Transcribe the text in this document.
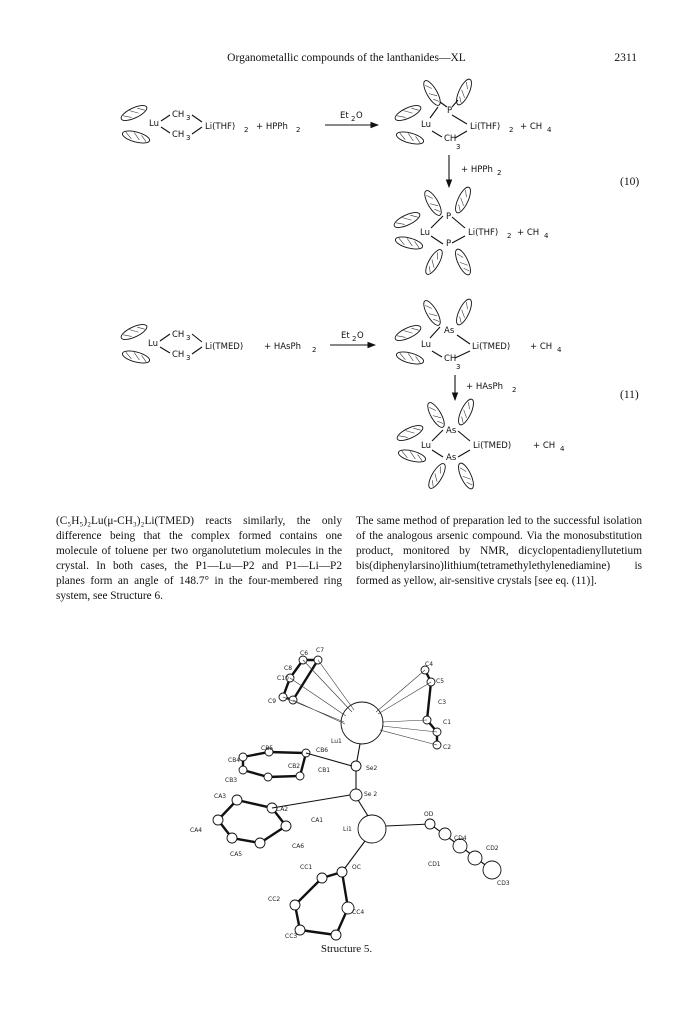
Organometallic compounds of the lanthanides—XL	2311
Lu
CH 3
CH 3
Li(THF) 2 + HPPh 2
Et 2 O	P
Lu
CH
3
Li(THF) 2 + CH 4
+ HPPh 2
(10)
P
Lu
P
Li(THF) 2 + CH 4
Lu
CH 3
CH 3
Li(TMED) + HAsPh 2
Et 2 O	As
Lu
CH
3
Li(TMED) + CH 4
+ HAsPh 2	(11)
As
Lu
As
Li(TMED)	+ CH 4
C6 C7
C8
C10
C9
C4
C5
C3
C1
C2
Lu1
CB5	CB6
CB4
CB2
CB1
CB3
Se2
CA3
CA2
Se 2
CA4
CA1
Li1
CA5
CA6
OD
CD4
CD2
CD1
CD3
CC1	OC
CC2
CC4
CC3
(C₅H₅)₂Lu(μ-CH₃)₂Li(TMED) reacts similarly, the only difference being that the complex formed contains one molecule of toluene per two organolutetium molecules in the crystal. In both cases, the P1—Lu—P2 and P1—Li—P2 planes form an angle of 148.7° in the four-membered ring system, see Structure 6.
The same method of preparation led to the successful isolation of the analogous arsenic compound. Via the monosubstitution product, monitored by NMR, dicyclopentadienyllutetium bis(diphenylarsino)lithium(tetramethylethylenediamine) is formed as yellow, air-sensitive crystals [see eq. (11)].
Structure 5.
